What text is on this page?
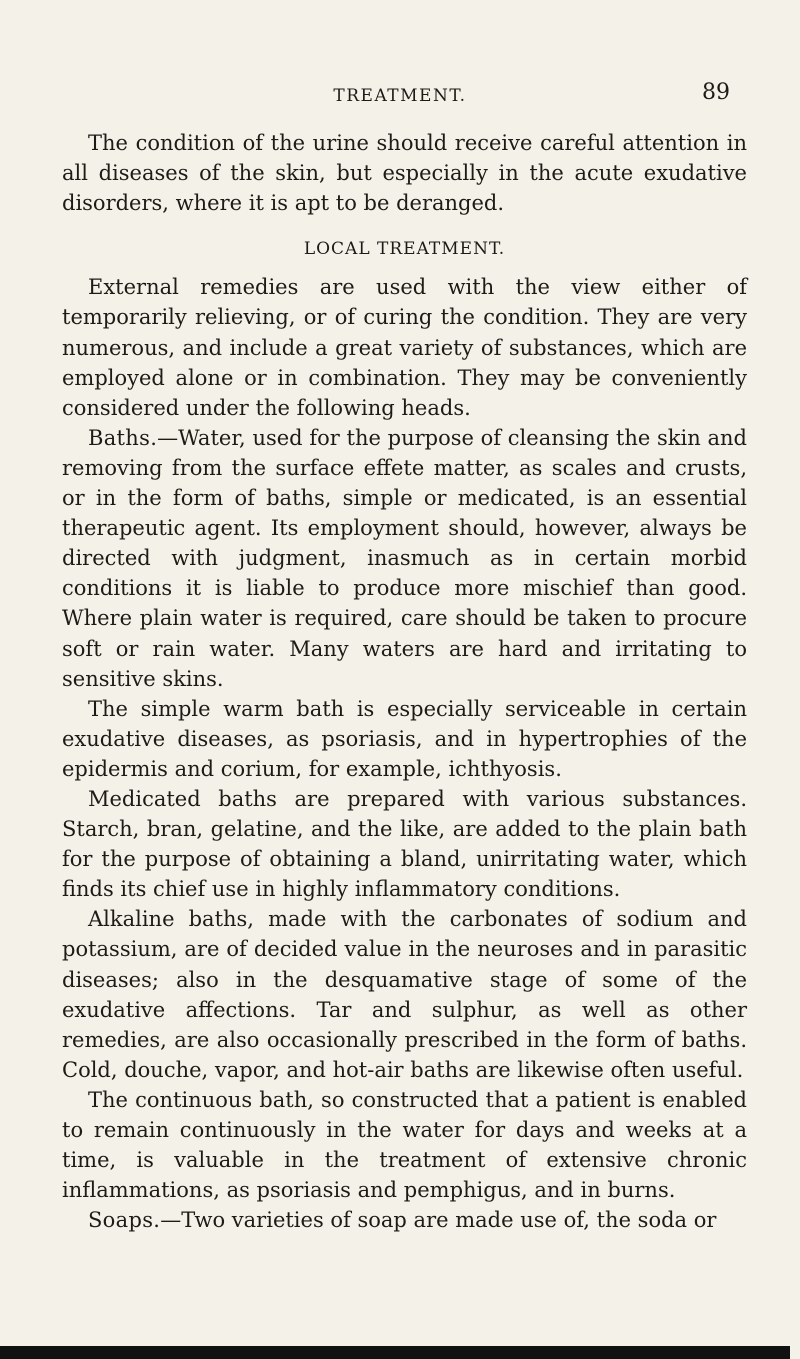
TREATMENT.	89

The condition of the urine should receive careful attention in all diseases of the skin, but especially in the acute exudative disorders, where it is apt to be deranged.

LOCAL TREATMENT.

External remedies are used with the view either of temporarily relieving, or of curing the condition. They are very numerous, and include a great variety of substances, which are employed alone or in combination. They may be conveniently considered under the following heads.

Baths.—Water, used for the purpose of cleansing the skin and removing from the surface effete matter, as scales and crusts, or in the form of baths, simple or medicated, is an essential therapeutic agent. Its employment should, however, always be directed with judgment, inasmuch as in certain morbid conditions it is liable to produce more mischief than good. Where plain water is required, care should be taken to procure soft or rain water. Many waters are hard and irritating to sensitive skins.

The simple warm bath is especially serviceable in certain exudative diseases, as psoriasis, and in hypertrophies of the epidermis and corium, for example, ichthyosis.

Medicated baths are prepared with various substances. Starch, bran, gelatine, and the like, are added to the plain bath for the purpose of obtaining a bland, unirritating water, which finds its chief use in highly inflammatory conditions.

Alkaline baths, made with the carbonates of sodium and potassium, are of decided value in the neuroses and in parasitic diseases; also in the desquamative stage of some of the exudative affections. Tar and sulphur, as well as other remedies, are also occasionally prescribed in the form of baths. Cold, douche, vapor, and hot-air baths are likewise often useful.

The continuous bath, so constructed that a patient is enabled to remain continuously in the water for days and weeks at a time, is valuable in the treatment of extensive chronic inflammations, as psoriasis and pemphigus, and in burns.

Soaps.—Two varieties of soap are made use of, the soda or
